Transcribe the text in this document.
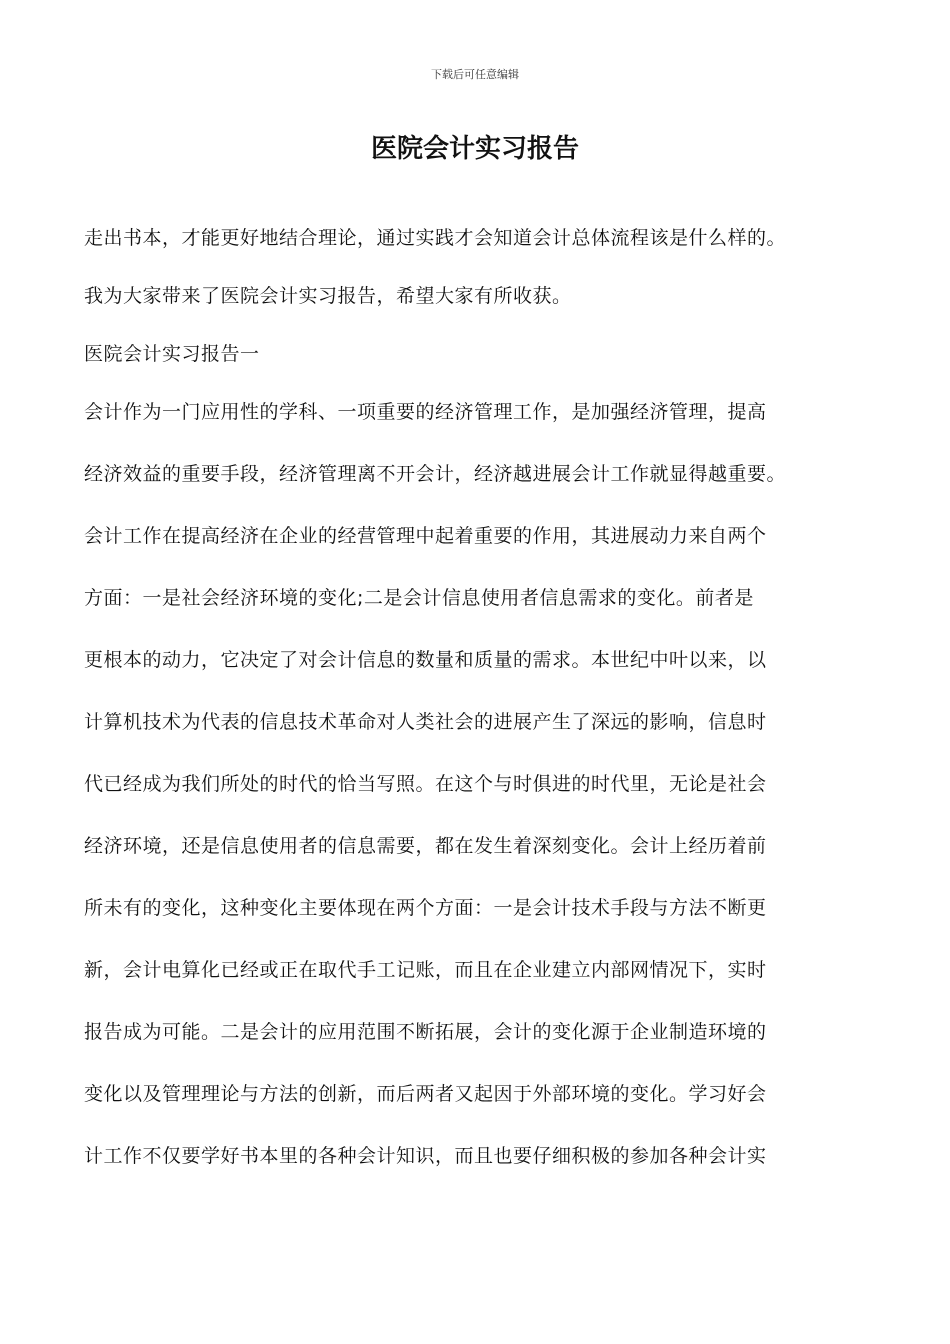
下载后可任意编辑
医院会计实习报告
走出书本，才能更好地结合理论，通过实践才会知道会计总体流程该是什么样的。
我为大家带来了医院会计实习报告，希望大家有所收获。
医院会计实习报告一
会计作为一门应用性的学科、一项重要的经济管理工作，是加强经济管理，提高
经济效益的重要手段，经济管理离不开会计，经济越进展会计工作就显得越重要。
会计工作在提高经济在企业的经营管理中起着重要的作用，其进展动力来自两个
方面：一是社会经济环境的变化;二是会计信息使用者信息需求的变化。前者是
更根本的动力，它决定了对会计信息的数量和质量的需求。本世纪中叶以来，以
计算机技术为代表的信息技术革命对人类社会的进展产生了深远的影响，信息时
代已经成为我们所处的时代的恰当写照。在这个与时俱进的时代里，无论是社会
经济环境，还是信息使用者的信息需要，都在发生着深刻变化。会计上经历着前
所未有的变化，这种变化主要体现在两个方面：一是会计技术手段与方法不断更
新，会计电算化已经或正在取代手工记账，而且在企业建立内部网情况下，实时
报告成为可能。二是会计的应用范围不断拓展，会计的变化源于企业制造环境的
变化以及管理理论与方法的创新，而后两者又起因于外部环境的变化。学习好会
计工作不仅要学好书本里的各种会计知识，而且也要仔细积极的参加各种会计实
